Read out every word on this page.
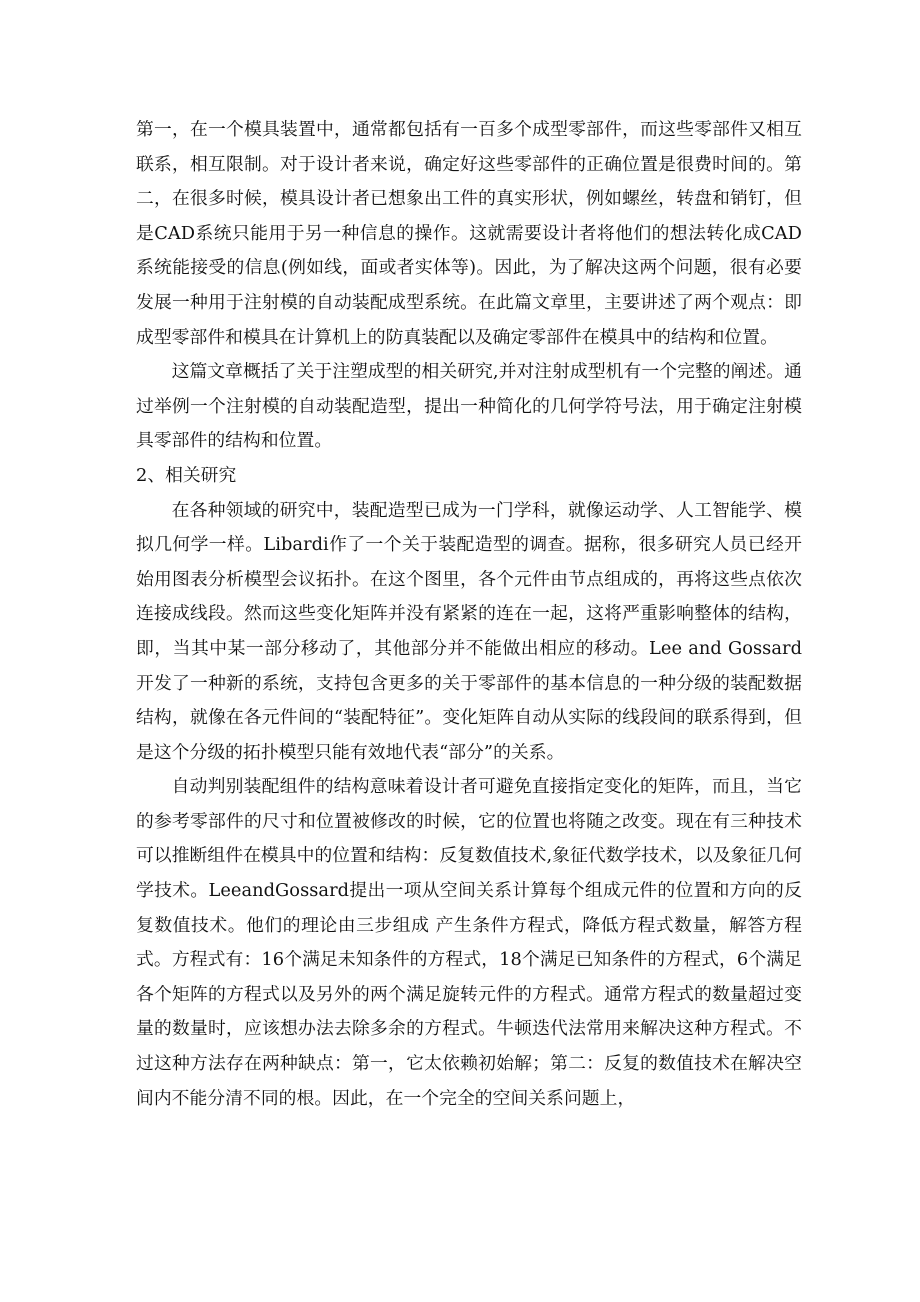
第一，在一个模具装置中，通常都包括有一百多个成型零部件，而这些零部件又相互联系，相互限制。对于设计者来说，确定好这些零部件的正确位置是很费时间的。第二，在很多时候，模具设计者已想象出工件的真实形状，例如螺丝，转盘和销钉，但是CAD系统只能用于另一种信息的操作。这就需要设计者将他们的想法转化成CAD系统能接受的信息(例如线，面或者实体等)。因此，为了解决这两个问题，很有必要发展一种用于注射模的自动装配成型系统。在此篇文章里，主要讲述了两个观点：即成型零部件和模具在计算机上的防真装配以及确定零部件在模具中的结构和位置。

这篇文章概括了关于注塑成型的相关研究,并对注射成型机有一个完整的阐述。通过举例一个注射模的自动装配造型，提出一种简化的几何学符号法，用于确定注射模具零部件的结构和位置。

2、相关研究

在各种领域的研究中，装配造型已成为一门学科，就像运动学、人工智能学、模拟几何学一样。Libardi作了一个关于装配造型的调查。据称，很多研究人员已经开始用图表分析模型会议拓扑。在这个图里，各个元件由节点组成的，再将这些点依次连接成线段。然而这些变化矩阵并没有紧紧的连在一起，这将严重影响整体的结构，即，当其中某一部分移动了，其他部分并不能做出相应的移动。Lee and Gossard开发了一种新的系统，支持包含更多的关于零部件的基本信息的一种分级的装配数据结构，就像在各元件间的“装配特征”。变化矩阵自动从实际的线段间的联系得到，但是这个分级的拓扑模型只能有效地代表“部分”的关系。

自动判别装配组件的结构意味着设计者可避免直接指定变化的矩阵，而且，当它的参考零部件的尺寸和位置被修改的时候，它的位置也将随之改变。现在有三种技术可以推断组件在模具中的位置和结构：反复数值技术,象征代数学技术，以及象征几何学技术。LeeandGossard提出一项从空间关系计算每个组成元件的位置和方向的反复数值技术。他们的理论由三步组成 产生条件方程式，降低方程式数量，解答方程式。方程式有：16个满足未知条件的方程式，18个满足已知条件的方程式，6个满足各个矩阵的方程式以及另外的两个满足旋转元件的方程式。通常方程式的数量超过变量的数量时，应该想办法去除多余的方程式。牛顿迭代法常用来解决这种方程式。不过这种方法存在两种缺点：第一，它太依赖初始解；第二：反复的数值技术在解决空间内不能分清不同的根。因此，在一个完全的空间关系问题上，
